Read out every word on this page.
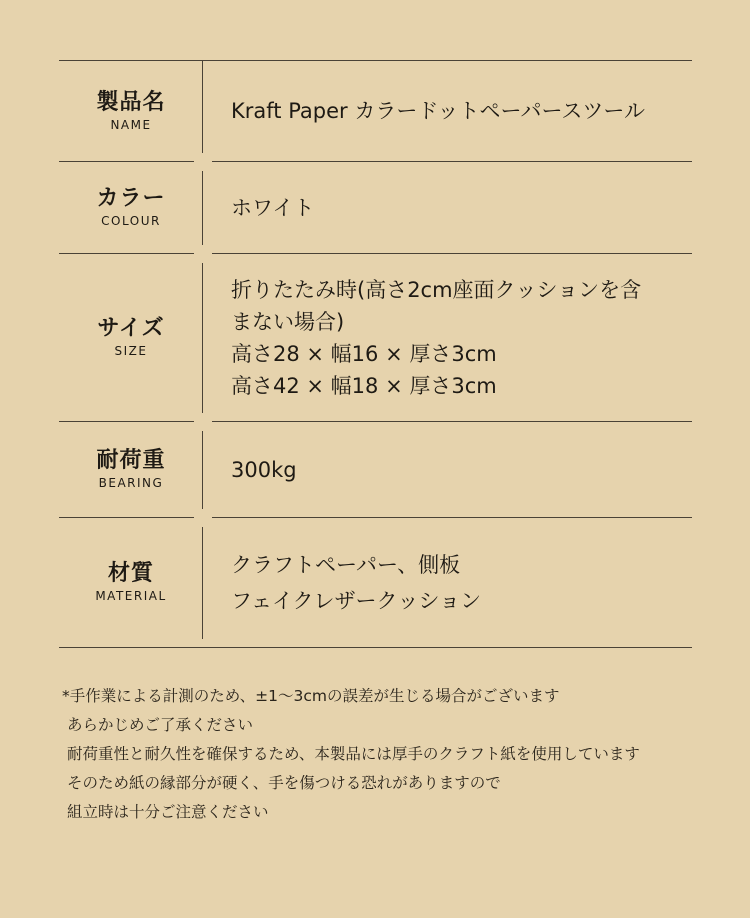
製品名
NAME
Kraft Paper カラードットペーパースツール
カラー
COLOUR
ホワイト
サイズ
SIZE
折りたたみ時(高さ2cm座面クッションを含
まない場合)
高さ28 × 幅16 × 厚さ3cm
高さ42 × 幅18 × 厚さ3cm
耐荷重
BEARING
300kg
材質
MATERIAL
クラフトペーパー、側板
フェイクレザークッション
*手作業による計測のため、±1〜3cmの誤差が生じる場合がございます
あらかじめご了承ください
耐荷重性と耐久性を確保するため、本製品には厚手のクラフト紙を使用しています
そのため紙の縁部分が硬く、手を傷つける恐れがありますので
組立時は十分ご注意ください
